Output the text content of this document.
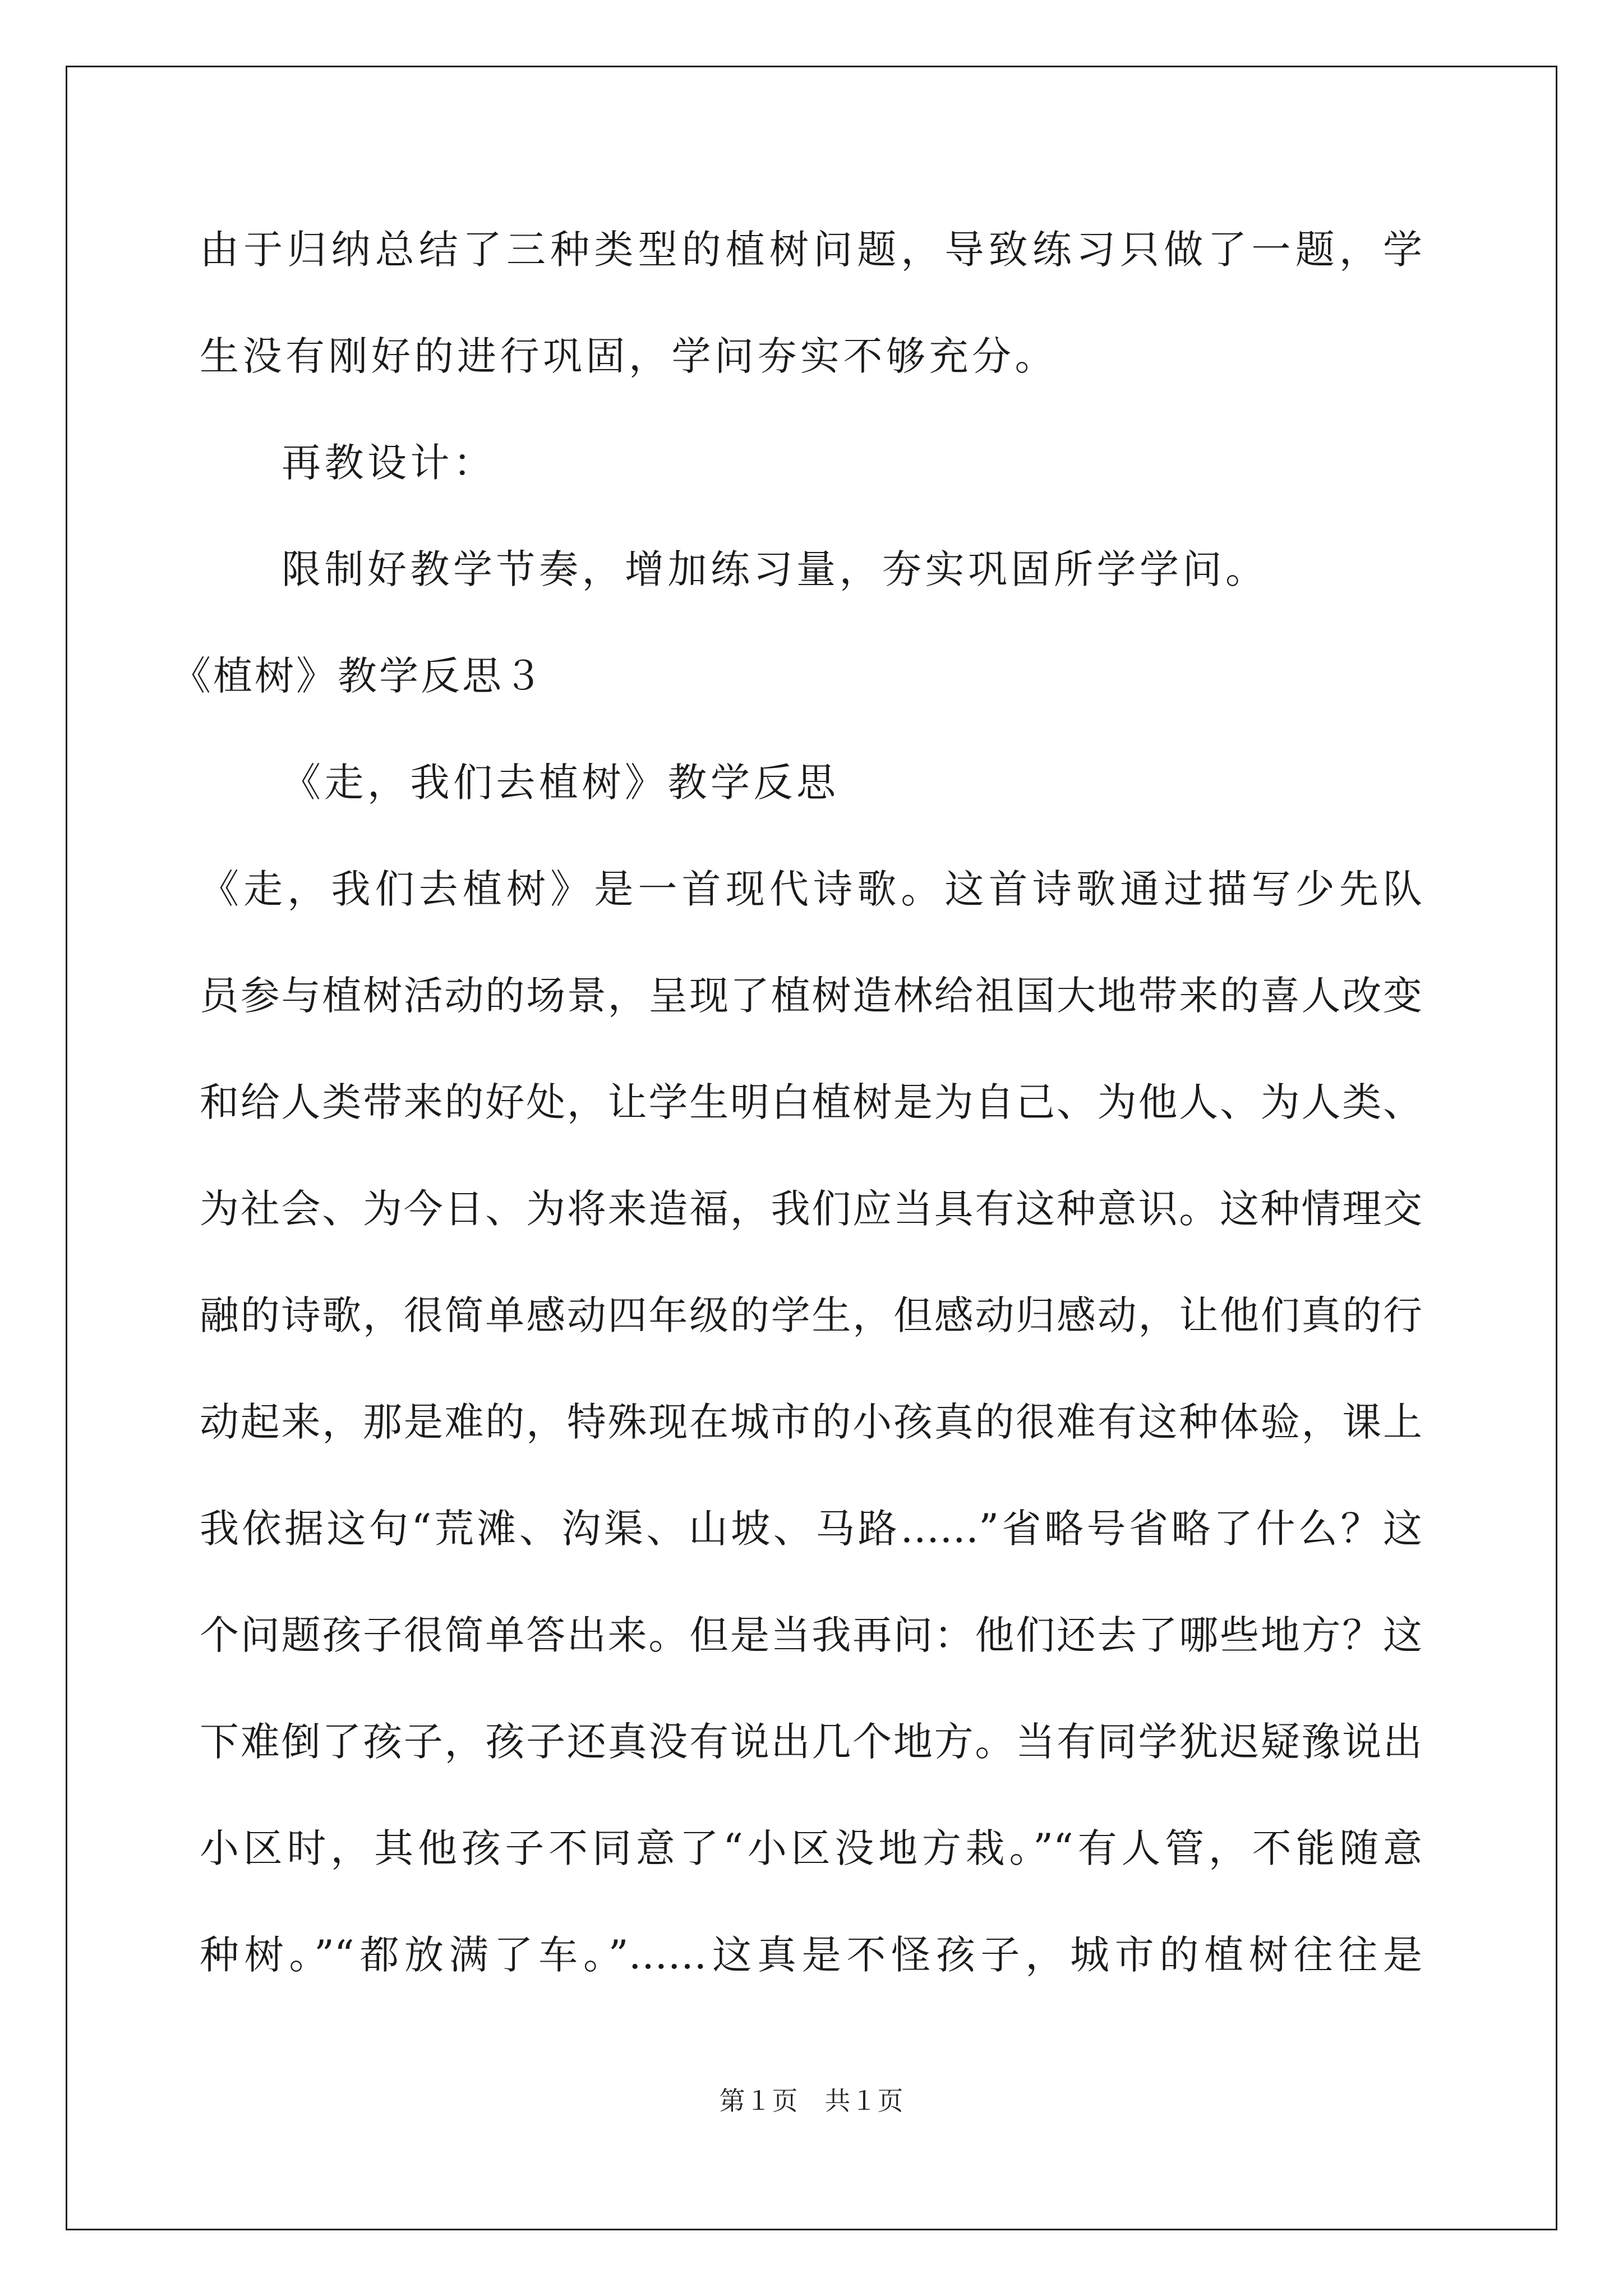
由于归纳总结了三种类型的植树问题，导致练习只做了一题，学
生没有刚好的进行巩固，学问夯实不够充分。
再教设计：
限制好教学节奏，增加练习量，夯实巩固所学学问。
《植树》教学反思３
《走，我们去植树》教学反思
《走，我们去植树》是一首现代诗歌。这首诗歌通过描写少先队
员参与植树活动的场景，呈现了植树造林给祖国大地带来的喜人改变
和给人类带来的好处，让学生明白植树是为自己、为他人、为人类、
为社会、为今日、为将来造福，我们应当具有这种意识。这种情理交
融的诗歌，很简单感动四年级的学生，但感动归感动，让他们真的行
动起来，那是难的，特殊现在城市的小孩真的很难有这种体验，课上
我依据这句“荒滩、沟渠、山坡、马路……”省略号省略了什么？这
个问题孩子很简单答出来。但是当我再问：他们还去了哪些地方？这
下难倒了孩子，孩子还真没有说出几个地方。当有同学犹迟疑豫说出
小区时，其他孩子不同意了“小区没地方栽。”“有人管，不能随意
种树。”“都放满了车。”……这真是不怪孩子，城市的植树往往是
第１页　共１页
